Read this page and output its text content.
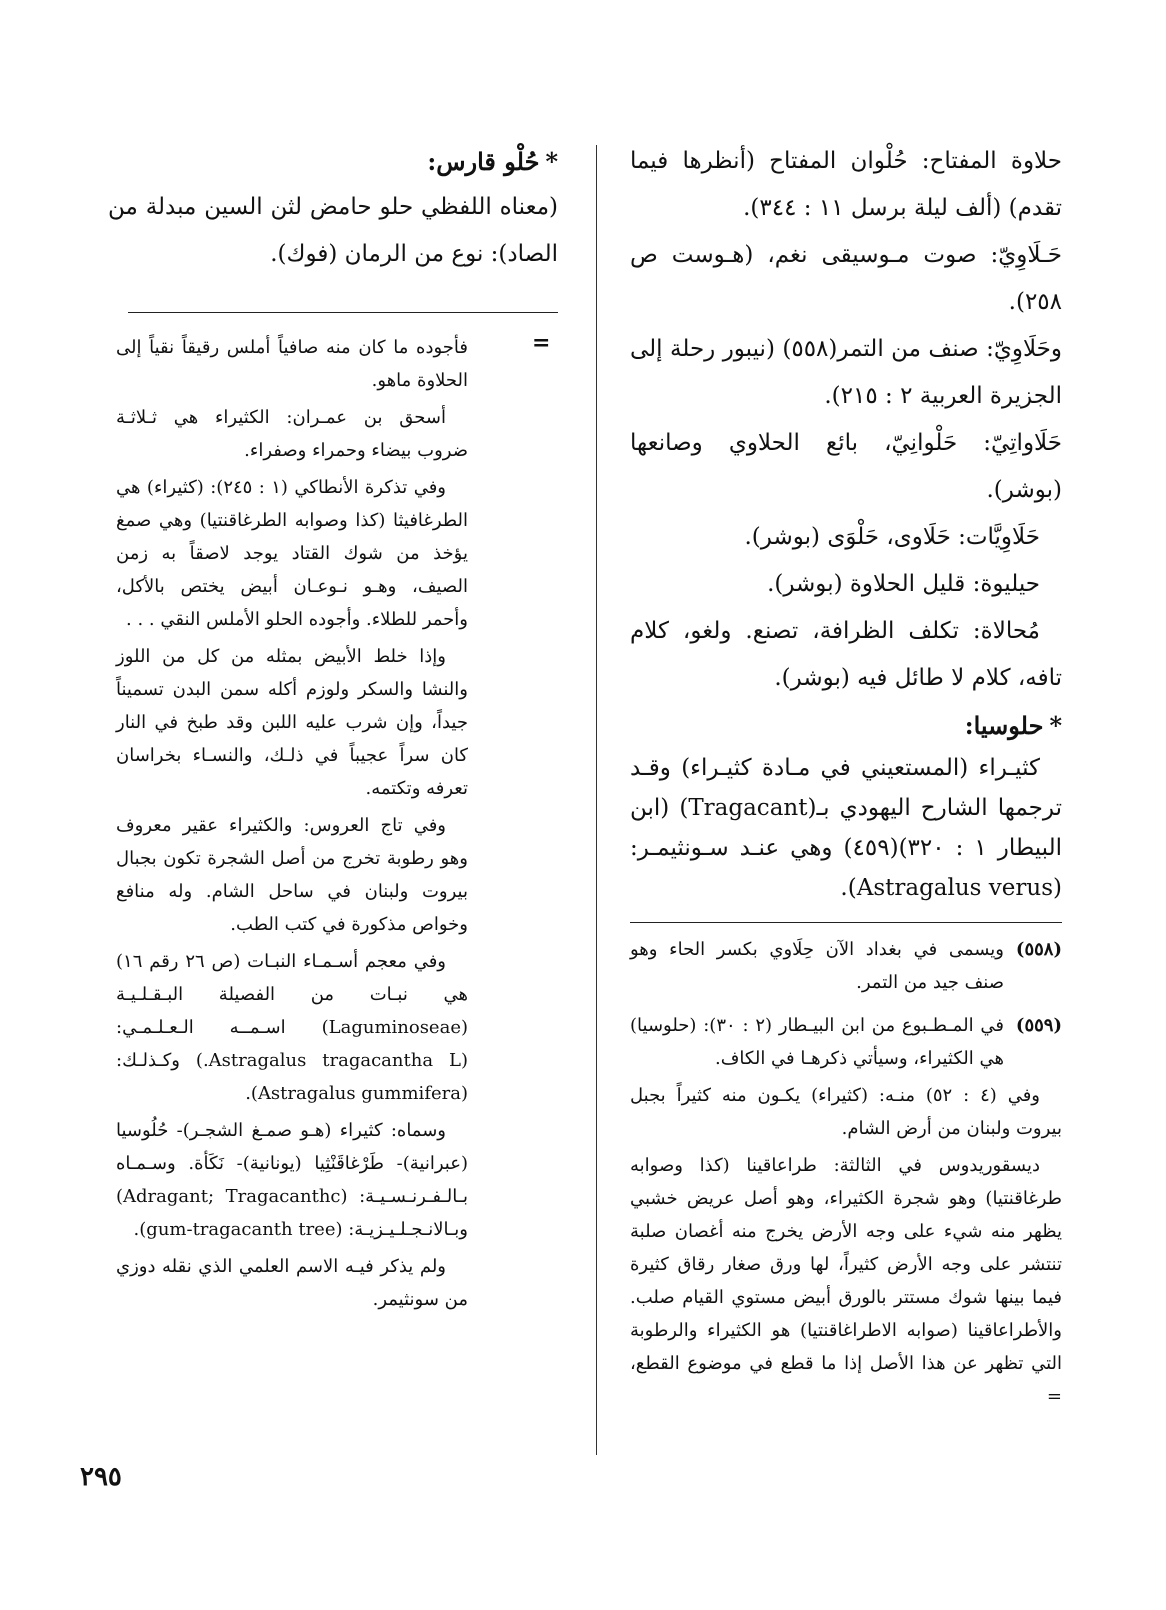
حلاوة المفتاح: حُلْوان المفتاح (أنظرها فيما تقدم) (ألف ليلة برسل ١١ : ٣٤٤).

حَـلَاوِيّ: صوت مـوسيقى نغم، (هـوست ص ٢٥٨).

وحَلَاوِيّ: صنف من التمر(٥٥٨) (نيبور رحلة إلى الجزيرة العربية ٢ : ٢١٥).

حَلَاواتِيّ: حَلْوانِيّ، بائع الحلاوي وصانعها (بوشر).

حَلَاوِيَّات: حَلَاوى، حَلْوَى (بوشر).

حيليوة: قليل الحلاوة (بوشر).

مُحالاة: تكلف الظرافة، تصنع. ولغو، كلام تافه، كلام لا طائل فيه (بوشر).

*حلوسيا:

كثيـراء (المستعيني في مـادة كثيـراء) وقـد ترجمها الشارح اليهودي بـ(Tragacant) (ابن البيطار ١ : ٣٢٠)(٤٥٩) وهي عنـد سـونثيمـر: (Astragalus verus).

(٥٥٨)
ويسمى في بغداد الآن حِلَاوي بكسر الحاء وهو صنف جيد من التمر.
(٥٥٩)
في المـطـبوع من ابن البيـطار (٢ : ٣٠): (حلوسيا) هي الكثيراء، وسيأتي ذكرهـا في الكاف.

وفي (٤ : ٥٢) منـه: (كثيراء) يكـون منه كثيراً بجبل بيروت ولبنان من أرض الشام.

ديسقوريدوس في الثالثة: طراعاقينا (كذا وصوابه طرغاقنتيا) وهو شجرة الكثيراء، وهو أصل عريض خشبي يظهر منه شيء على وجه الأرض يخرج منه أغصان صلبة تنتشر على وجه الأرض كثيراً، لها ورق صغار رقاق كثيرة فيما بينها شوك مستتر بالورق أبيض مستوي القيام صلب. والأطراعاقينا (صوابه الاطراغاقنتيا) هو الكثيراء والرطوبة التي تظهر عن هذا الأصل إذا ما قطع في موضوع القطع، =

*حُلْو قارس:

(معناه اللفظي حلو حامض لثن السين مبدلة من الصاد): نوع من الرمان (فوك).

فأجوده ما كان منه صافياً أملس رقيقاً نقياً إلى الحلاوة ماهو.

أسحق بن عمـران: الكثيراء هي ثـلاثـة ضروب بيضاء وحمراء وصفراء.

وفي تذكرة الأنطاكي (١ : ٢٤٥): (كثيراء) هي الطرغافيثا (كذا وصوابه الطرغاقنتيا) وهي صمغ يؤخذ من شوك القتاد يوجد لاصقاً به زمن الصيف، وهـو نـوعـان أبيض يختص بالأكل، وأحمر للطلاء. وأجوده الحلو الأملس النقي . . .

وإذا خلط الأبيض بمثله من كل من اللوز والنشا والسكر ولوزم أكله سمن البدن تسميناً جيداً، وإن شرب عليه اللبن وقد طبخ في النار كان سراً عجيباً في ذلـك، والنسـاء بخراسان تعرفه وتكتمه.

وفي تاج العروس: والكثيراء عقير معروف وهو رطوبة تخرج من أصل الشجرة تكون بجبال بيروت ولبنان في ساحل الشام. وله منافع وخواص مذكورة في كتب الطب.

وفي معجم أسـمـاء النبـات (ص ٢٦ رقم ١٦) هي نبـات من الفصيلة البـقـلـيـة (Laguminoseae) اسـمــه الـعـلـمـي: (Astragalus tragacantha L.) وكـذلـك: (Astragalus gummifera).

وسماه: كثيراء (هـو صمـغ الشجـر)- حُلُوسيا (عبرانية)- طَرْغاقَنْثِيا (يونانية)- نَكَأة. وسـمـاه بـالـفـرنـسـيـة: (Adragant; Tragacanthc) وبـالانـجـلـيـزيـة: (gum-tragacanth tree).

ولم يذكر فيـه الاسم العلمي الذي نقله دوزي من سونثيمر.

=
٢٩٥
